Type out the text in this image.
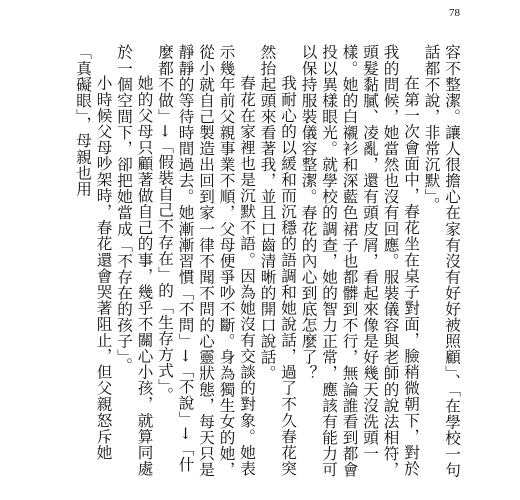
78

容不整潔。讓人很擔心在家有沒有好好被照顧」、「在學校一句話都不說，非常沉默」。

在第一次會面中，春花坐在桌子對面，臉稍微朝下，對於我的問候，她當然也沒有回應。服裝儀容與老師的說法相符，頭髮黏膩、凌亂，還有頭皮屑，看起來像是好幾天沒洗頭一樣。她的白襯衫和深藍色裙子也都髒到不行，無論誰看到都會投以異樣眼光。就學校的調查，她的智力正常，應該有能力可以保持服裝儀容整潔。春花的內心到底怎麼了？

我耐心的以緩和而沉穩的語調和她說話，過了不久春花突然抬起頭來看著我，並且口齒清晰的開口說話。

春花在家裡也是沉默不語。因為她沒有交談的對象。她表示幾年前父親事業不順，父母便爭吵不斷。身為獨生女的她，從小就自己製造出回到家一律不聞不問的心靈狀態，每天只是靜靜的等待時間過去。她漸漸習慣「不問」→「不說」→「什麼都不做」→「假裝自己不存在」的「生存方式」。

她的父母只顧著做自己的事，幾乎不關心小孩，就算同處於一個空間下，卻把她當成「不存在的孩子」。

小時候父母吵架時，春花還會哭著阻止，但父親怒斥她「真礙眼」，母親也用
